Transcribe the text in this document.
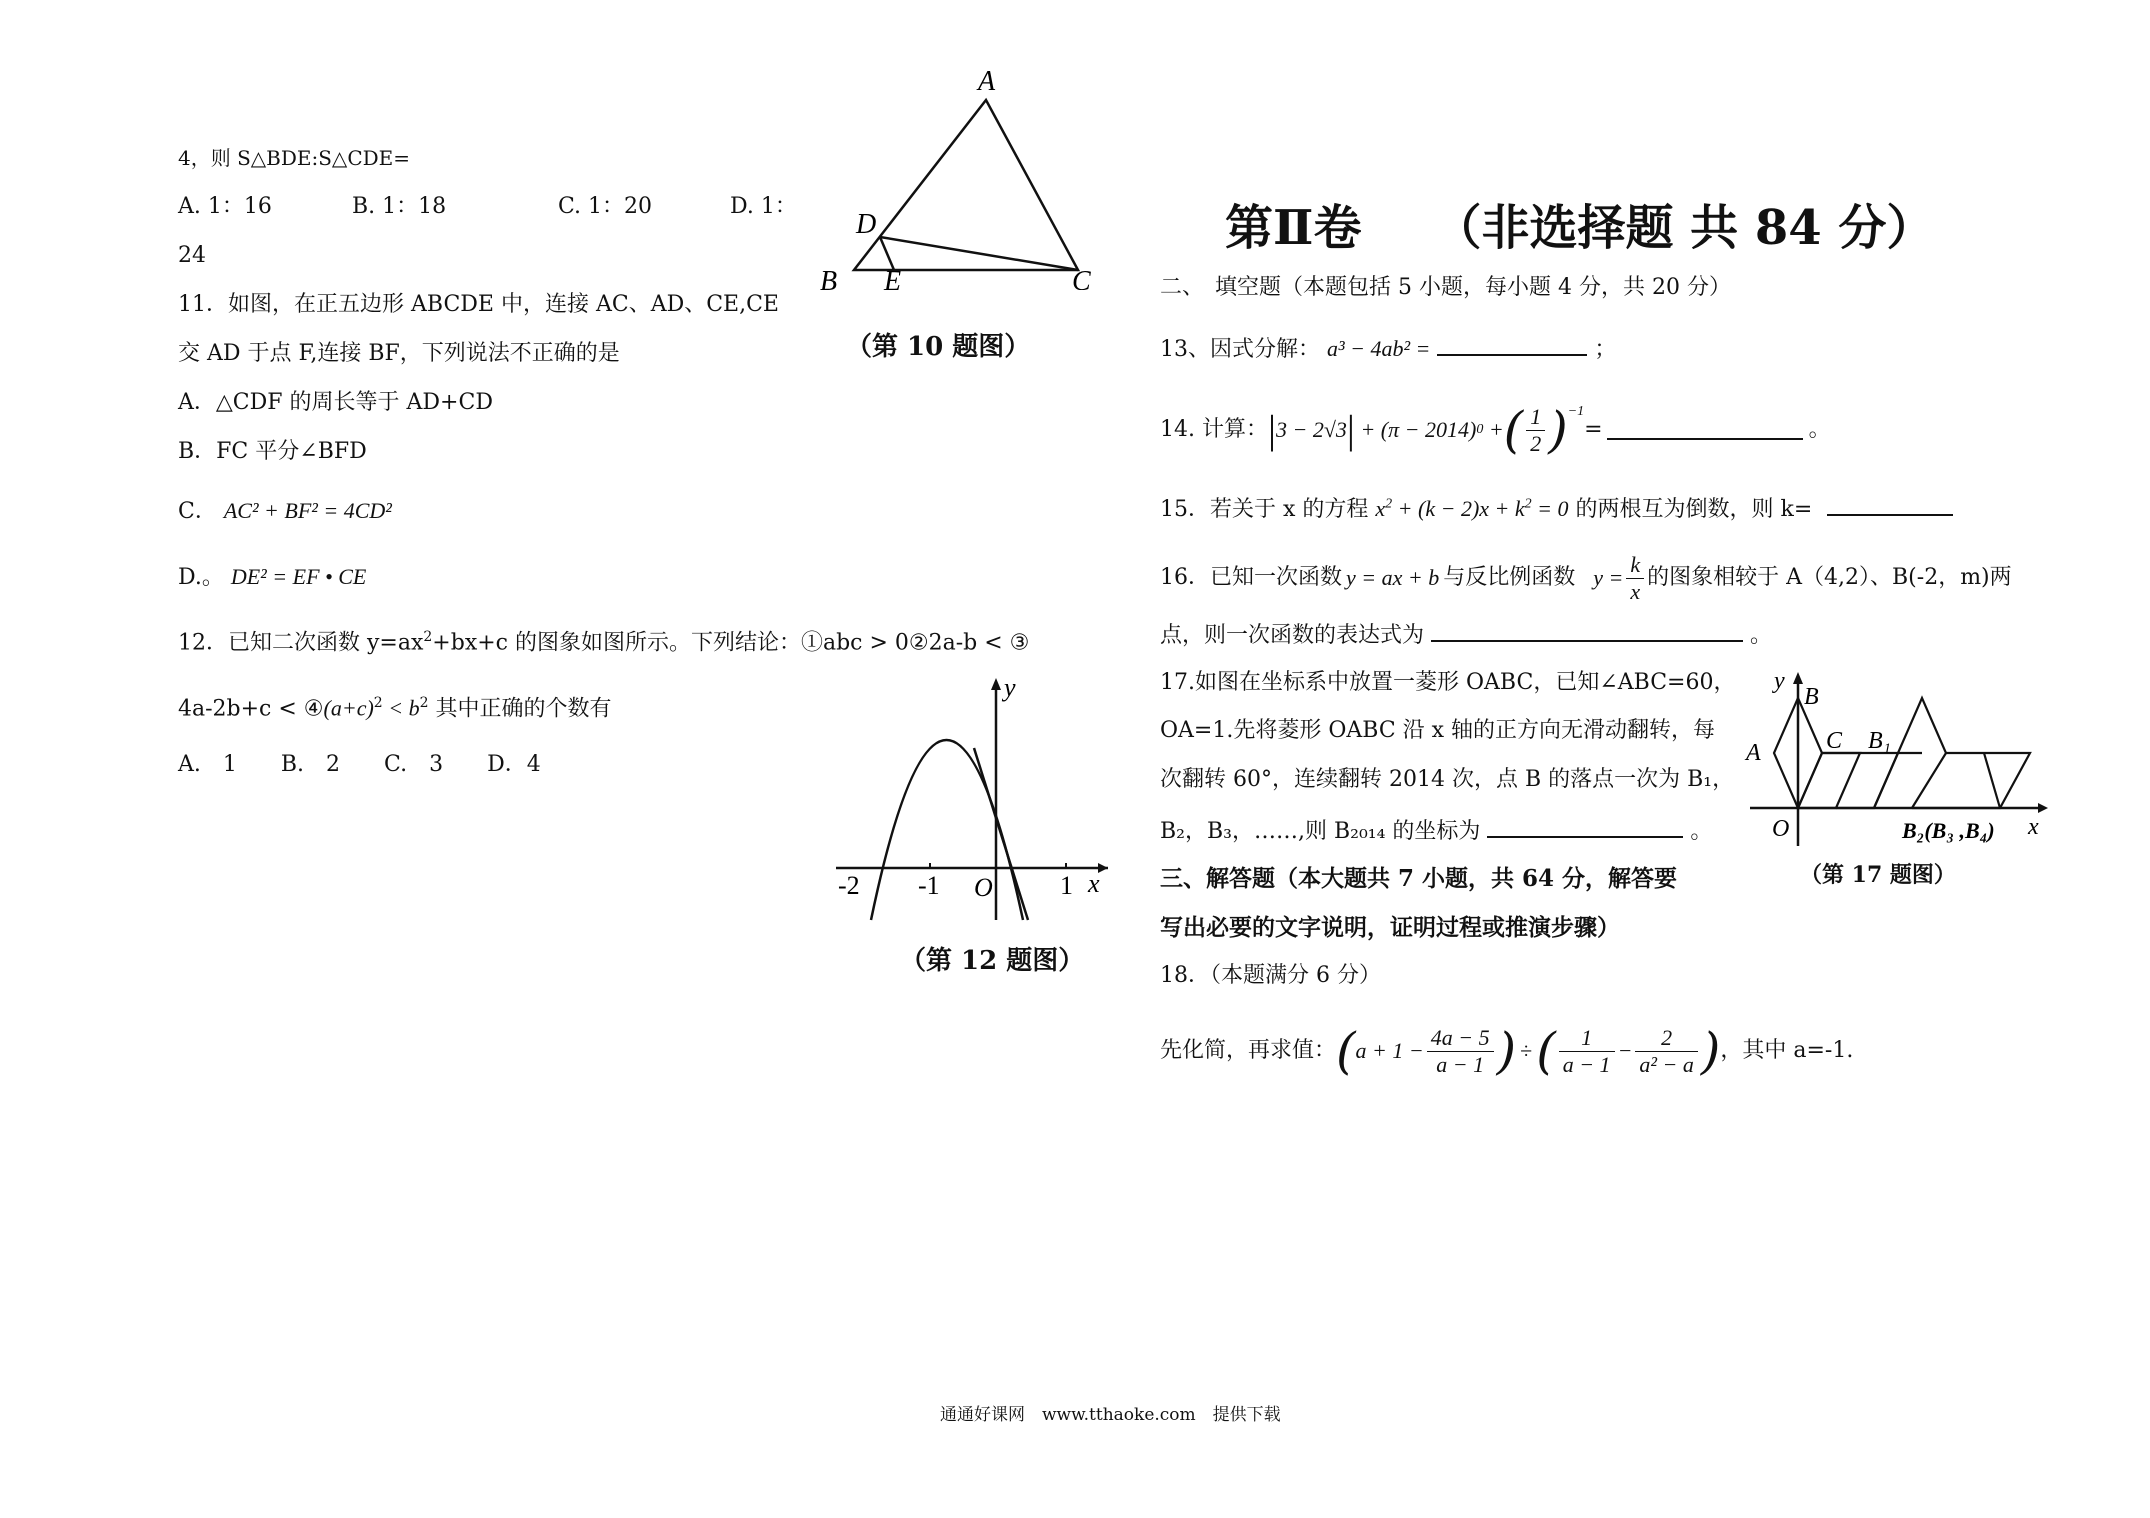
4，则 S△BDE:S△CDE=
A. 1：16	B. 1：18	C. 1：20	D. 1：
24
11．如图，在正五边形 ABCDE 中，连接 AC、AD、CE,CE
交 AD 于点 F,连接 BF，下列说法不正确的是
A．△CDF 的周长等于 AD+CD
B．FC 平分∠BFD
C． AC² + BF² = 4CD²
D.。 DE² = EF • CE
12．已知二次函数 $y=ax^2+bx+c$ 的图象如图所示。下列结论：①abc > 0②2a-b < ③
$4a-2b+c < ④(a+c)^2 < b^2$ 其中正确的个数有
A.　1　　B.　2　　C.　3　　D．4
A
D
B E	C
（第 10 题图）
y
-2 -1 O	1 x
（第 12 题图）
第Ⅱ卷　　（非选择题 共 84 分）
二、　填空题（本题包括 5 小题，每小题 4 分，共 20 分）
13、因式分解： a³ − 4ab² =	；
14. 计算： | 3 − 2√3 | + (π − 2014) 0 + ( $\frac{1}{2}$ ) −1
=	。
15．若关于 x 的方程 $x^2 + (k - 2)x + k^2 = 0$ 的两根互为倒数，则 k=
16．已知一次函数 y = ax + b 与反比例函数 $y = \frac{k}{x}$ 的图象相较于 A（4,2）、B(-2，m)两
点，则一次函数的表达式为	。
17.如图在坐标系中放置一菱形 OABC，已知∠ABC=60，
OA=1.先将菱形 OABC 沿 x 轴的正方向无滑动翻转，每
次翻转 60°，连续翻转 2014 次，点 B 的落点一次为 B₁，
B₂，B₃，……,则 B₂₀₁₄ 的坐标为	。
y
B
C B₁
A
O	B₂(B₃ ,B₄) x
（第 17 题图）
三、解答题（本大题共 7 小题，共 64 分，解答要
写出必要的文字说明，证明过程或推演步骤）
18．（本题满分 6 分）
先化简，再求值： ( $a + 1 - \frac{4a - 5}{a - 1}$ ) ÷ ( $\frac{1}{a - 1} - \frac{2}{\text{a² − a}}$ ) ，其中 a=-1.
通通好课网　www.tthaoke.com　提供下载
